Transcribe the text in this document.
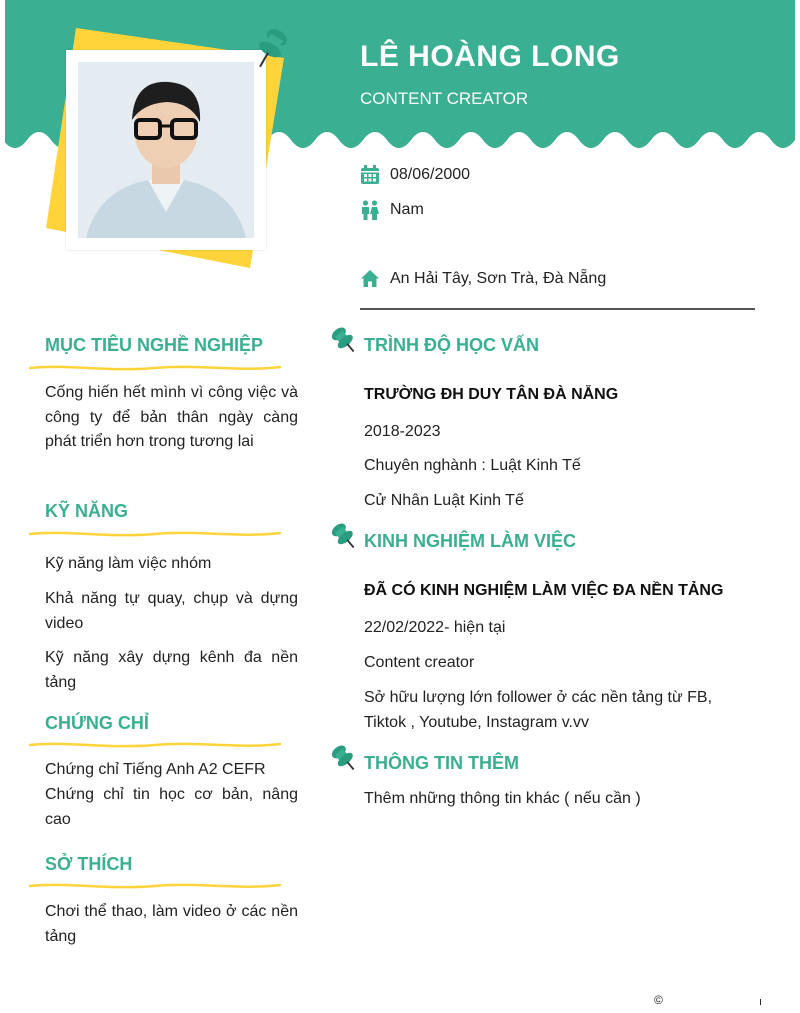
LÊ HOÀNG LONG
CONTENT CREATOR
08/06/2000
Nam
An Hải Tây, Sơn Trà, Đà Nẵng
MỤC TIÊU NGHỀ NGHIỆP
Cống hiến hết mình vì công việc và công ty để bản thân ngày càng phát triển hơn trong tương lai
KỸ NĂNG
Kỹ năng làm việc nhóm
Khả năng tự quay, chụp và dựng video
Kỹ năng xây dựng kênh đa nền tảng
CHỨNG CHỈ
Chứng chỉ Tiếng Anh A2 CEFR
Chứng chỉ tin học cơ bản, nâng cao
SỞ THÍCH
Chơi thể thao, làm video ở các nền tảng
TRÌNH ĐỘ HỌC VẤN
TRƯỜNG ĐH DUY TÂN ĐÀ NẴNG
2018-2023
Chuyên nghành : Luật Kinh Tế
Cử Nhân Luật Kinh Tế
KINH NGHIỆM LÀM VIỆC
ĐÃ CÓ KINH NGHIỆM LÀM VIỆC ĐA NỀN TẢNG
22/02/2022- hiện tại
Content creator
Sở hữu lượng lớn follower ở các nền tảng từ FB, Tiktok , Youtube, Instagram v.vv
THÔNG TIN THÊM
Thêm những thông tin khác ( nếu cần )
©	ı
